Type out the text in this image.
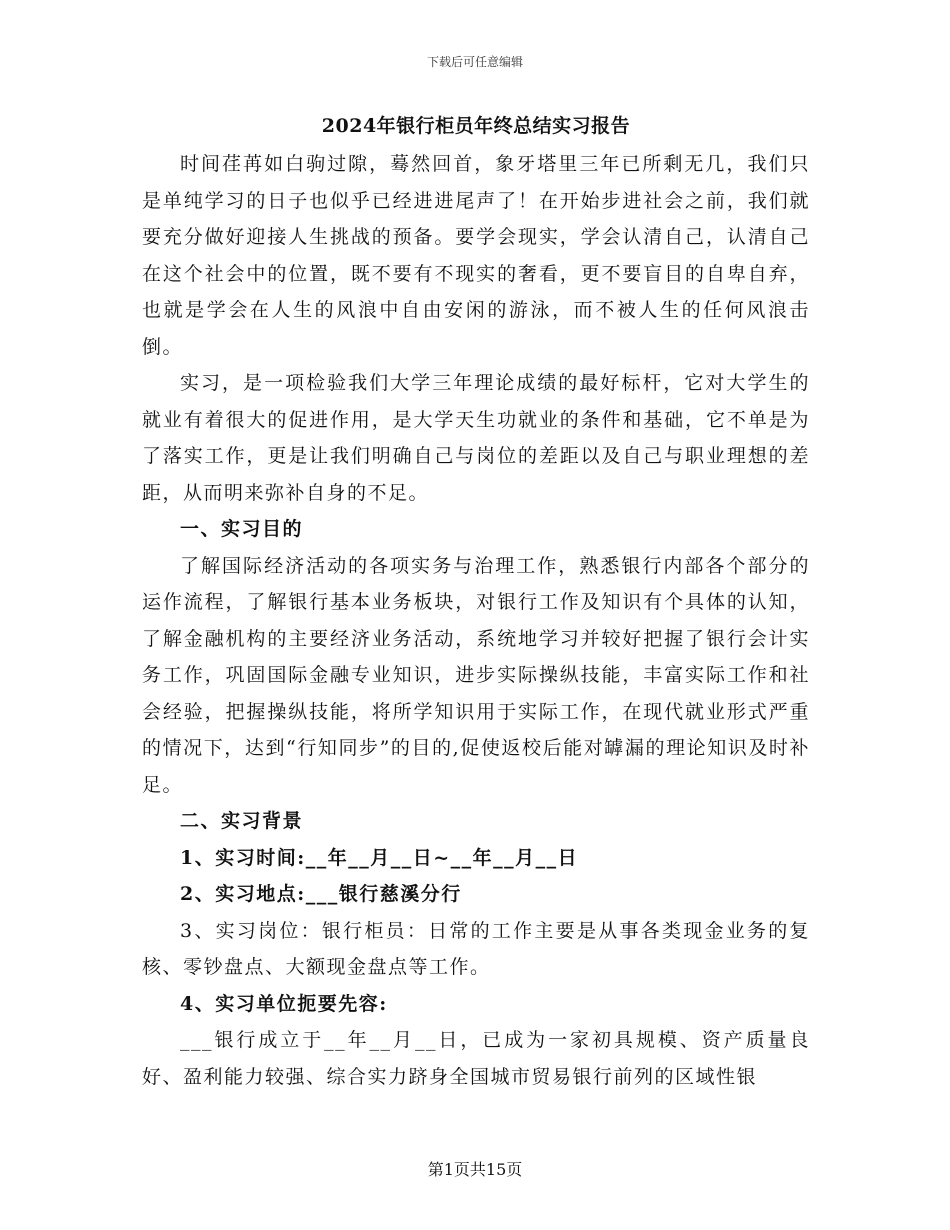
下载后可任意编辑
2024年银行柜员年终总结实习报告

时间荏苒如白驹过隙，蓦然回首，象牙塔里三年已所剩无几，我们只是单纯学习的日子也似乎已经进进尾声了！在开始步进社会之前，我们就要充分做好迎接人生挑战的预备。要学会现实，学会认清自己，认清自己在这个社会中的位置，既不要有不现实的奢看，更不要盲目的自卑自弃，也就是学会在人生的风浪中自由安闲的游泳，而不被人生的任何风浪击倒。

实习，是一项检验我们大学三年理论成绩的最好标杆，它对大学生的就业有着很大的促进作用，是大学天生功就业的条件和基础，它不单是为了落实工作，更是让我们明确自己与岗位的差距以及自己与职业理想的差距，从而明来弥补自身的不足。

一、实习目的

了解国际经济活动的各项实务与治理工作，熟悉银行内部各个部分的运作流程，了解银行基本业务板块，对银行工作及知识有个具体的认知，了解金融机构的主要经济业务活动，系统地学习并较好把握了银行会计实务工作，巩固国际金融专业知识，进步实际操纵技能，丰富实际工作和社会经验，把握操纵技能，将所学知识用于实际工作，在现代就业形式严重的情况下，达到“行知同步”的目的,促使返校后能对罅漏的理论知识及时补足。

二、实习背景

1、实习时间:__年__月__日~__年__月__日

2、实习地点:___银行慈溪分行

3、实习岗位：银行柜员：日常的工作主要是从事各类现金业务的复核、零钞盘点、大额现金盘点等工作。

4、实习单位扼要先容:

___银行成立于__年__月__日，已成为一家初具规模、资产质量良好、盈利能力较强、综合实力跻身全国城市贸易银行前列的区域性银

第1页共15页
